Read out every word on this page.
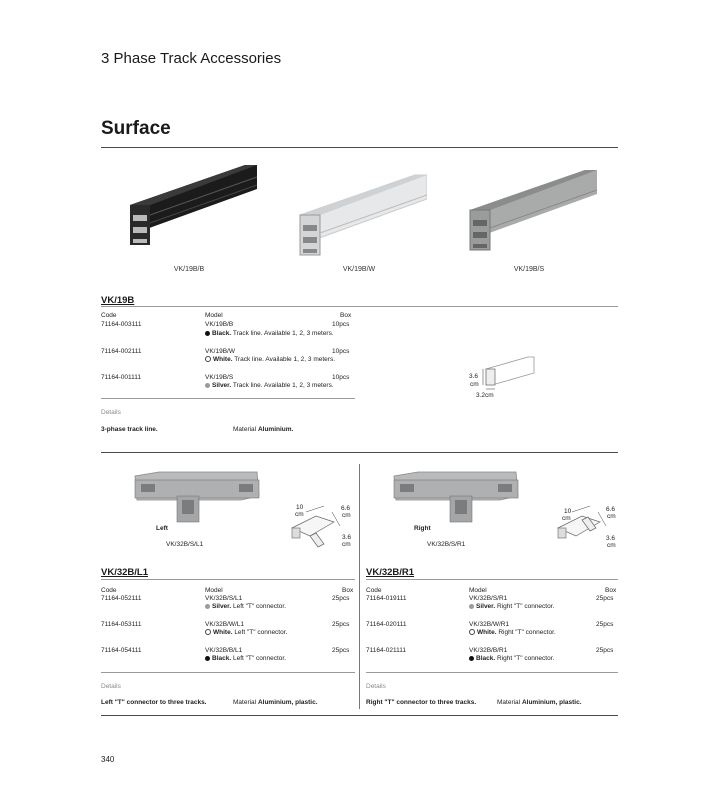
3 Phase Track Accessories
Surface
VK/19B/B	VK/19B/W	VK/19B/S
VK/19B
Code	Model	Box
71164-003111	VK/19B/B	10pcs
Black. Track line. Available 1, 2, 3 meters.
71164-002111	VK/19B/W	10pcs
White. Track line. Available 1, 2, 3 meters.
71164-001111	VK/19B/S	10pcs
Silver. Track line. Available 1, 2, 3 meters.
3.6
cm
3.2cm
Details
3-phase track line.	Material Aluminium.
Left
VK/32B/S/L1
10
cm
6.6
cm
3.6
cm
Right
VK/32B/S/R1
10
cm
6.6
cm
3.6
cm
VK/32B/L1
Code	Model	Box
71164-052111	VK/32B/S/L1	25pcs
Silver. Left "T" connector.
71164-053111	VK/32B/W/L1	25pcs
White. Left "T" connector.
71164-054111	VK/32B/B/L1	25pcs
Black. Left "T" connector.
Details
Left "T" connector to three tracks.	Material Aluminium, plastic.
VK/32B/R1
Code	Model	Box
71164-019111	VK/32B/S/R1	25pcs
Silver. Right "T" connector.
71164-020111	VK/32B/W/R1	25pcs
White. Right "T" connector.
71164-021111	VK/32B/B/R1	25pcs
Black. Right "T" connector.
Details
Right "T" connector to three tracks.	Material Aluminium, plastic.
340
